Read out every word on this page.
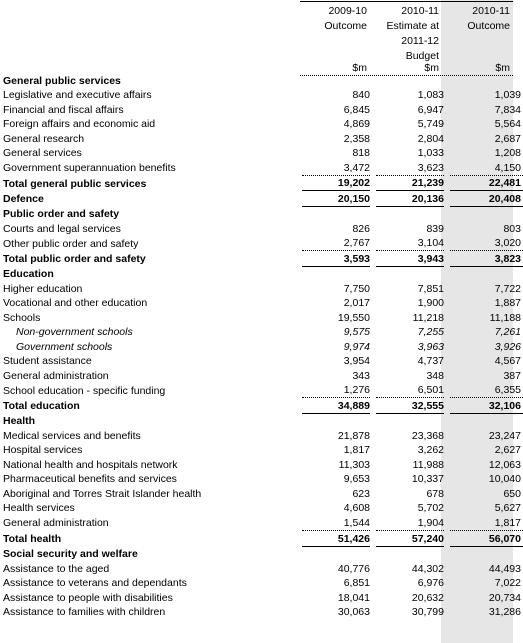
2009-10
Outcome
2010-11
Estimate at
2011-12
Budget
2010-11
Outcome
$m	$m	$m
General public services					
Legislative and executive affairs	840		1,083		1,039
Financial and fiscal affairs	6,845		6,947		7,834
Foreign affairs and economic aid	4,869		5,749		5,564
General research	2,358		2,804		2,687
General services	818		1,033		1,208
Government superannuation benefits	3,472		3,623		4,150
Total general public services	19,202		21,239		22,481
Defence	20,150		20,136		20,408
Public order and safety					
Courts and legal services	826		839		803
Other public order and safety	2,767		3,104		3,020
Total public order and safety	3,593		3,943		3,823
Education					
Higher education	7,750		7,851		7,722
Vocational and other education	2,017		1,900		1,887
Schools	19,550		11,218		11,188
Non-government schools	9,575		7,255		7,261
Government schools	9,974		3,963		3,926
Student assistance	3,954		4,737		4,567
General administration	343		348		387
School education - specific funding	1,276		6,501		6,355
Total education	34,889		32,555		32,106
Health					
Medical services and benefits	21,878		23,368		23,247
Hospital services	1,817		3,262		2,627
National health and hospitals network	11,303		11,988		12,063
Pharmaceutical benefits and services	9,653		10,337		10,040
Aboriginal and Torres Strait Islander health	623		678		650
Health services	4,608		5,702		5,627
General administration	1,544		1,904		1,817
Total health	51,426		57,240		56,070
Social security and welfare					
Assistance to the aged	40,776		44,302		44,493
Assistance to veterans and dependants	6,851		6,976		7,022
Assistance to people with disabilities	18,041		20,632		20,734
Assistance to families with children	30,063		30,799		31,286
